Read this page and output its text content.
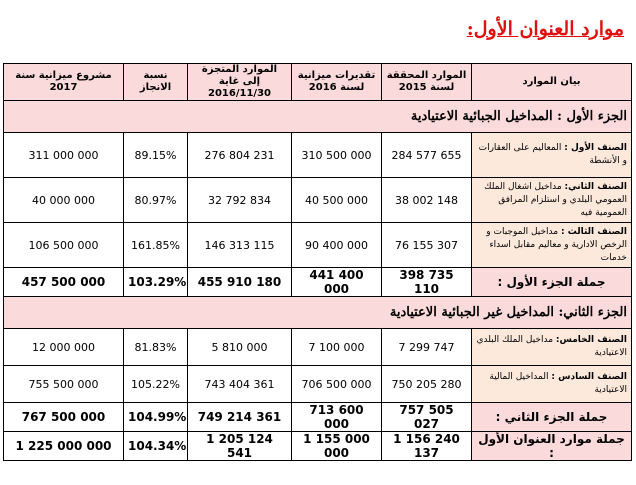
موارد العنوان الأول:
بيان الموارد	الموارد المحققة لسنة 2015	تقديرات ميزانية لسنة 2016	الموارد المتجزة إلى غاية 2016/11/30	نسبة الانجاز	مشروع ميزانية سنة 2017
الجزء الأول : المداخيل الجبائية الاعتيادية					
الصنف الأول : المعاليم على العقارات و الأنشطة	284 577 655	310 500 000	276 804 231	89.15%	311 000 000
الصنف الثاني: مداخيل اشغال الملك العمومي البلدي و استلزام المرافق العمومية فيه	38 002 148	40 500 000	32 792 834	80.97%	40 000 000
الصنف الثالث : مداخيل الموجبات و الرخص الادارية و معاليم مقابل اسداء خدمات	76 155 307	90 400 000	146 313 115	161.85%	106 500 000
جملة الجزء الأول :	398 735 110	441 400 000	455 910 180	103.29%	457 500 000
الجزء الثاني: المداخيل غير الجبائية الاعتيادية					
الصنف الخامس: مداخيل الملك البلدي الاعتيادية	7 299 747	7 100 000	5 810 000	81.83%	12 000 000
الصنف السادس : المداخيل المالية الاعتيادية	750 205 280	706 500 000	743 404 361	105.22%	755 500 000
جملة الجزء الثاني :	757 505 027	713 600 000	749 214 361	104.99%	767 500 000
جملة موارد العنوان الأول :	1 156 240 137	1 155 000 000	1 205 124 541	104.34%	1 225 000 000
